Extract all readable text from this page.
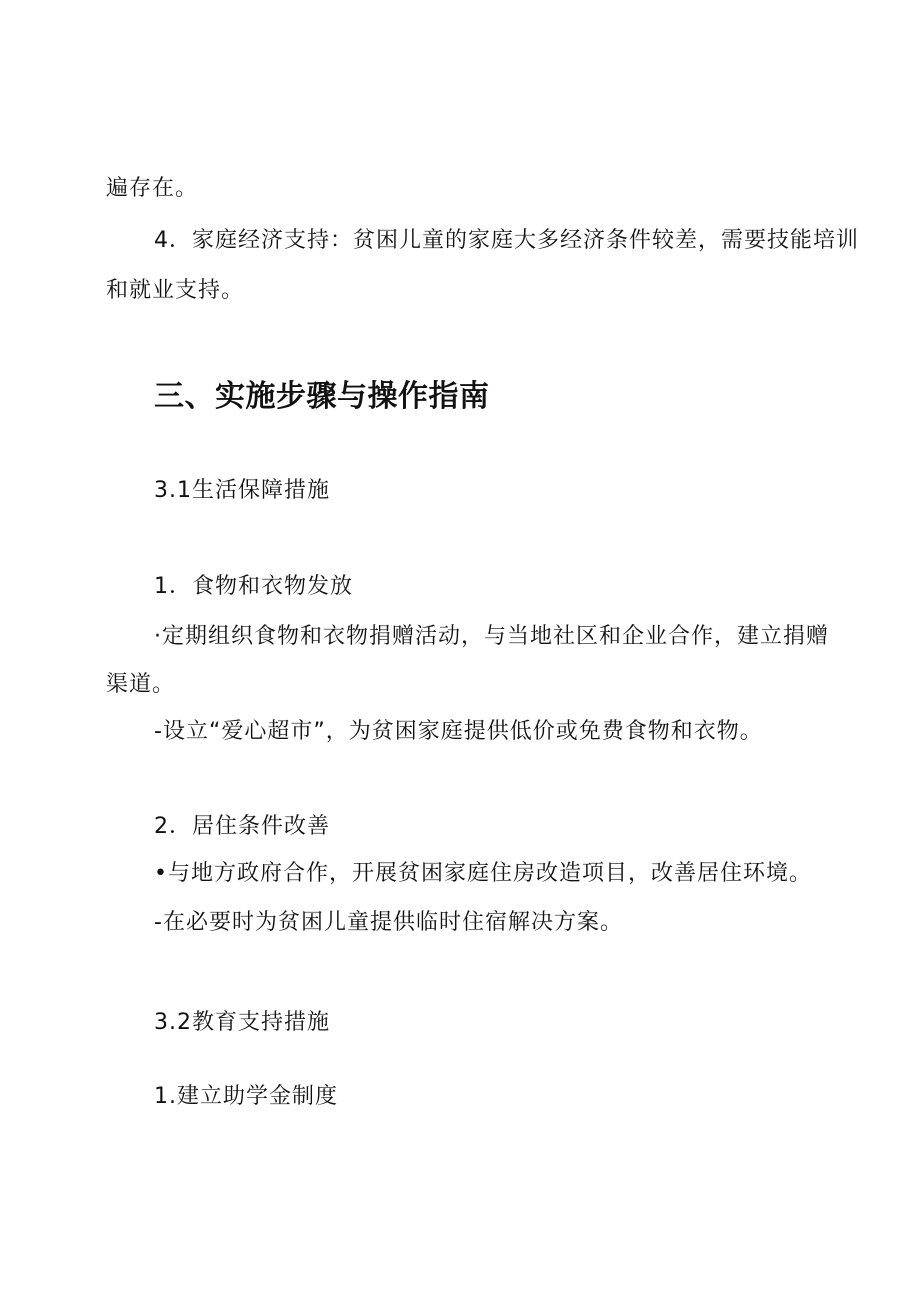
遍存在。
4．家庭经济支持：贫困儿童的家庭大多经济条件较差，需要技能培训
和就业支持。
三、实施步骤与操作指南
3.1生活保障措施
1．食物和衣物发放
·定期组织食物和衣物捐赠活动，与当地社区和企业合作，建立捐赠
渠道。
-设立“爱心超市”，为贫困家庭提供低价或免费食物和衣物。
2．居住条件改善
•与地方政府合作，开展贫困家庭住房改造项目，改善居住环境。
-在必要时为贫困儿童提供临时住宿解决方案。
3.2教育支持措施
1.建立助学金制度
